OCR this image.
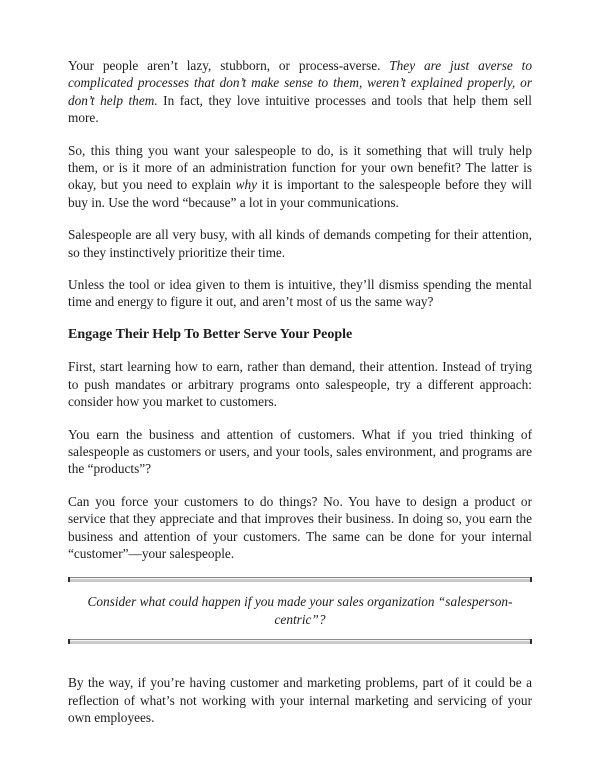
Your people aren’t lazy, stubborn, or process-averse. They are just averse to complicated processes that don’t make sense to them, weren’t explained properly, or don’t help them. In fact, they love intuitive processes and tools that help them sell more.

So, this thing you want your salespeople to do, is it something that will truly help them, or is it more of an administration function for your own benefit? The latter is okay, but you need to explain why it is important to the salespeople before they will buy in. Use the word “because” a lot in your communications.

Salespeople are all very busy, with all kinds of demands competing for their attention, so they instinctively prioritize their time.

Unless the tool or idea given to them is intuitive, they’ll dismiss spending the mental time and energy to figure it out, and aren’t most of us the same way?

Engage Their Help To Better Serve Your People

First, start learning how to earn, rather than demand, their attention. Instead of trying to push mandates or arbitrary programs onto salespeople, try a different approach: consider how you market to customers.

You earn the business and attention of customers. What if you tried thinking of salespeople as customers or users, and your tools, sales environment, and programs are the “products”?

Can you force your customers to do things? No. You have to design a product or service that they appreciate and that improves their business. In doing so, you earn the business and attention of your customers. The same can be done for your internal “customer”—your salespeople.

Consider what could happen if you made your sales organization “salesperson-centric”?

By the way, if you’re having customer and marketing problems, part of it could be a reflection of what’s not working with your internal marketing and servicing of your own employees.
